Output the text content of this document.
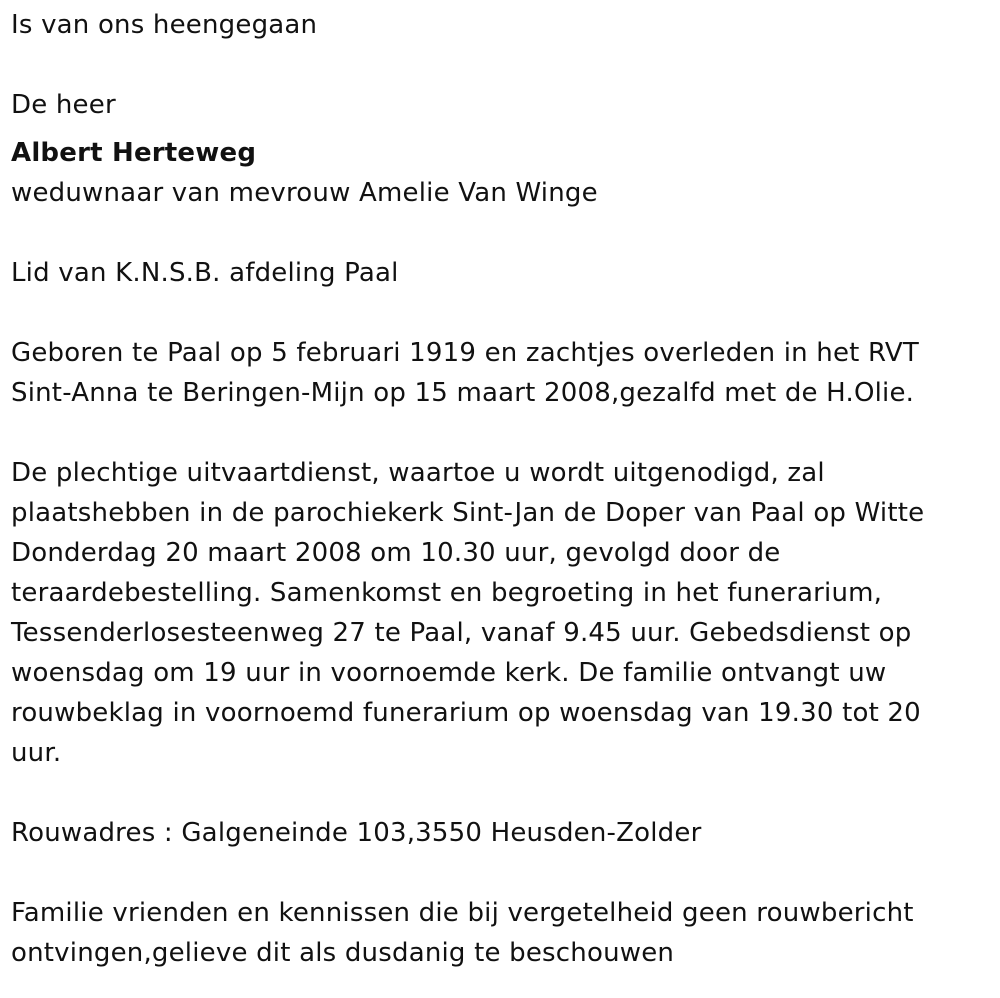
Is van ons heengegaan
De heer
Albert Herteweg
weduwnaar van mevrouw Amelie Van Winge
Lid van K.N.S.B. afdeling Paal
Geboren te Paal op 5 februari 1919 en zachtjes overleden in het RVT
Sint-Anna te Beringen-Mijn op 15 maart 2008,gezalfd met de H.Olie.
De plechtige uitvaartdienst, waartoe u wordt uitgenodigd, zal
plaatshebben in de parochiekerk Sint-Jan de Doper van Paal op Witte
Donderdag 20 maart 2008 om 10.30 uur, gevolgd door de
teraardebestelling. Samenkomst en begroeting in het funerarium,
Tessenderlosesteenweg 27 te Paal, vanaf 9.45 uur. Gebedsdienst op
woensdag om 19 uur in voornoemde kerk. De familie ontvangt uw
rouwbeklag in voornoemd funerarium op woensdag van 19.30 tot 20
uur.
Rouwadres : Galgeneinde 103,3550 Heusden-Zolder
Familie vrienden en kennissen die bij vergetelheid geen rouwbericht
ontvingen,gelieve dit als dusdanig te beschouwen
